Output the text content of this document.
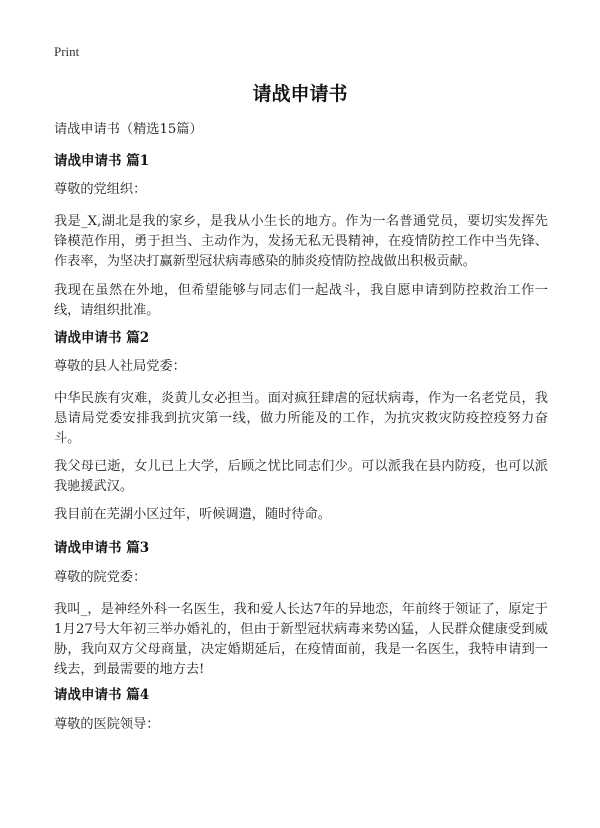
Print
请战申请书
请战申请书（精选15篇）
请战申请书 篇1
尊敬的党组织：
我是_X,湖北是我的家乡，是我从小生长的地方。作为一名普通党员，要切实发挥先锋模范作用，勇于担当、主动作为，发扬无私无畏精神，在疫情防控工作中当先锋、作表率，为坚决打赢新型冠状病毒感染的肺炎疫情防控战做出积极贡献。
我现在虽然在外地，但希望能够与同志们一起战斗，我自愿申请到防控救治工作一线，请组织批准。
请战申请书 篇2
尊敬的县人社局党委：
中华民族有灾难，炎黄儿女必担当。面对疯狂肆虐的冠状病毒，作为一名老党员，我恳请局党委安排我到抗灾第一线，做力所能及的工作，为抗灾救灾防疫控疫努力奋斗。
我父母已逝，女儿已上大学，后顾之忧比同志们少。可以派我在县内防疫，也可以派我驰援武汉。
我目前在芜湖小区过年，听候调遣，随时待命。
请战申请书 篇3
尊敬的院党委：
我叫_，是神经外科一名医生，我和爱人长达7年的异地恋，年前终于领证了，原定于1月27号大年初三举办婚礼的，但由于新型冠状病毒来势凶猛，人民群众健康受到威胁，我向双方父母商量，决定婚期延后，在疫情面前，我是一名医生，我特申请到一线去，到最需要的地方去!
请战申请书 篇4
尊敬的医院领导：
